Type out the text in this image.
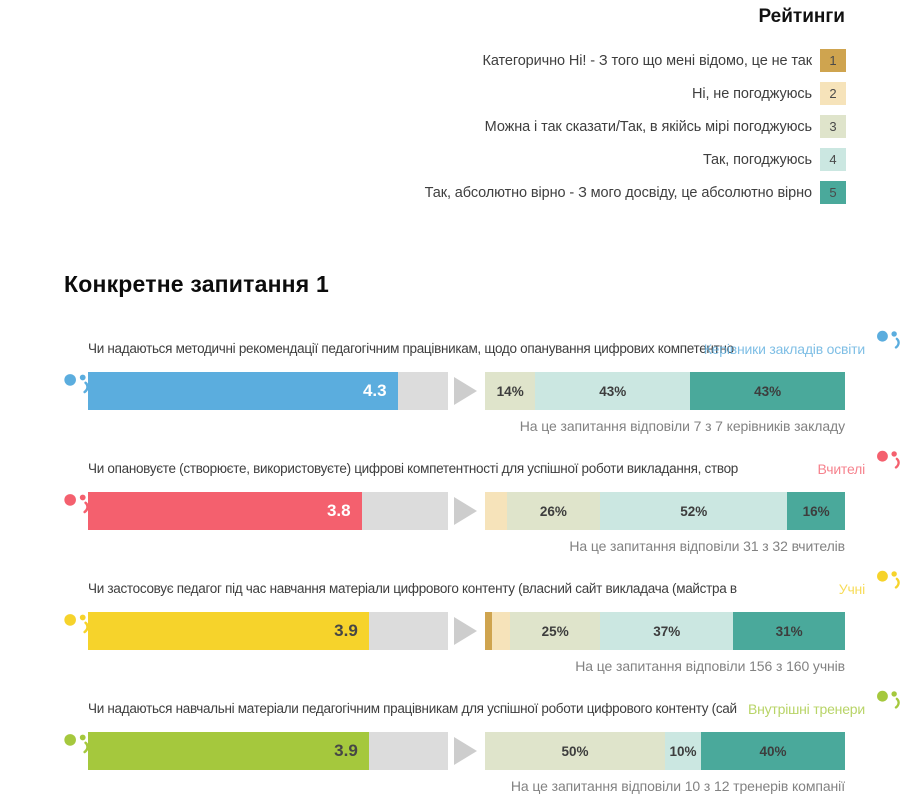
Рейтинги
Категорично Ні! - З того що мені відомо, це не так	1
Ні, не погоджуюсь	2
Можна і так сказати/Так, в якійсь мірі погоджуюсь	3
Так, погоджуюсь	4
Так, абсолютно вірно - З мого досвіду, це абсолютно вірно	5
Конкретне запитання 1
Чи надаються методичні рекомендації педагогічним працівникам, щодо опанування цифрових компетентно
Керівники закладів освіти
4.3	14%	43%	43%
На це запитання відповіли 7 з 7 керівників закладу
Чи опановуєте (створюєте, використовуєте) цифрові компетентності для успішної роботи викладання, створ	Вчителі
3.8	26%	52%	16%
На це запитання відповіли 31 з 32 вчителів
Чи застосовує педагог під час навчання матеріали цифрового контенту (власний сайт викладача (майстра в	Учні
3.9	25%	37%	31%
На це запитання відповіли 156 з 160 учнів
Чи надаються навчальні матеріали педагогічним працівникам для успішної роботи цифрового контенту (сай Внутрішні тренери
3.9	50%	10%	40%
На це запитання відповіли 10 з 12 тренерів компанії
